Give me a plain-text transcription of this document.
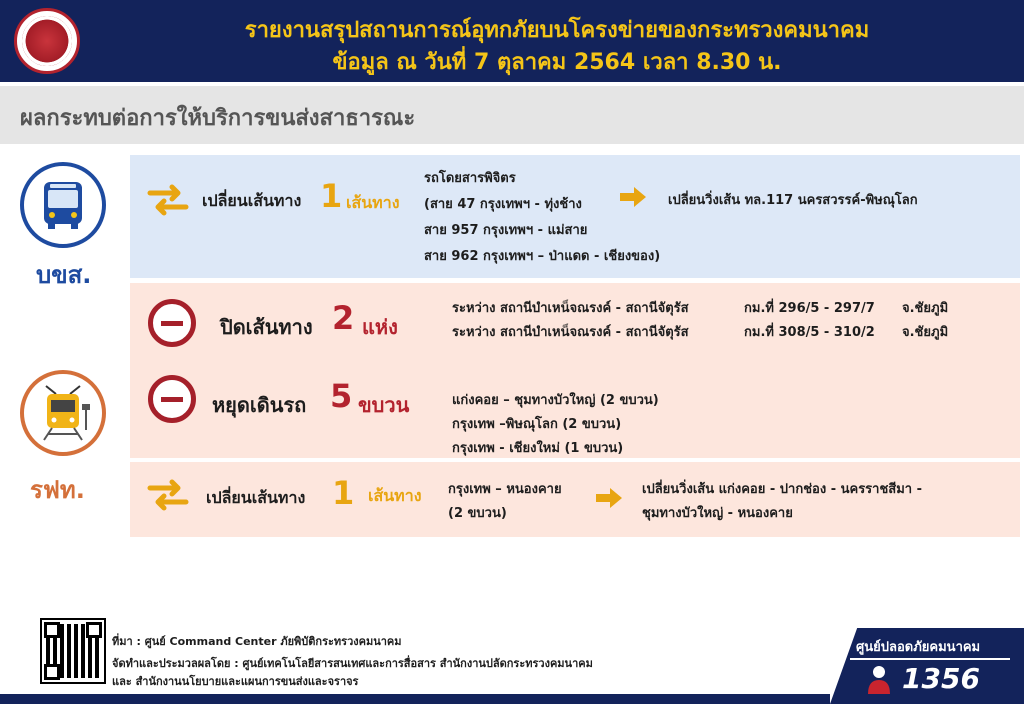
รายงานสรุปสถานการณ์อุทกภัยบนโครงข่ายของกระทรวงคมนาคม
ข้อมูล ณ วันที่ 7 ตุลาคม 2564 เวลา 8.30 น.
ผลกระทบต่อการให้บริการขนส่งสาธารณะ
บขส.
รฟท.
เปลี่ยนเส้นทาง 1 เส้นทาง
รถโดยสารพิจิตร
(สาย 47 กรุงเทพฯ - ทุ่งช้าง
สาย 957 กรุงเทพฯ - แม่สาย
สาย 962 กรุงเทพฯ – ป่าแดด - เชียงของ)
เปลี่ยนวิ่งเส้น ทล.117 นครสวรรค์-พิษณุโลก
ปิดเส้นทาง 2 แห่ง
ระหว่าง สถานีบำเหน็จณรงค์ - สถานีจัตุรัส	กม.ที่ 296/5 - 297/7 จ.ชัยภูมิ
ระหว่าง สถานีบำเหน็จณรงค์ - สถานีจัตุรัส	กม.ที่ 308/5 - 310/2 จ.ชัยภูมิ
หยุดเดินรถ 5 ขบวน	แก่งคอย – ชุมทางบัวใหญ่ (2 ขบวน)
กรุงเทพ –พิษณุโลก (2 ขบวน)
กรุงเทพ - เชียงใหม่ (1 ขบวน)
เปลี่ยนเส้นทาง 1 เส้นทาง กรุงเทพ – หนองคาย
(2 ขบวน)
เปลี่ยนวิ่งเส้น แก่งคอย - ปากช่อง - นครราชสีมา -
ชุมทางบัวใหญ่ - หนองคาย
ที่มา : ศูนย์ Command Center ภัยพิบัติกระทรวงคมนาคม
จัดทำและประมวลผลโดย : ศูนย์เทคโนโลยีสารสนเทศและการสื่อสาร สำนักงานปลัดกระทรวงคมนาคม
และ สำนักงานนโยบายและแผนการขนส่งและจราจร
ศูนย์ปลอดภัยคมนาคม
1356
